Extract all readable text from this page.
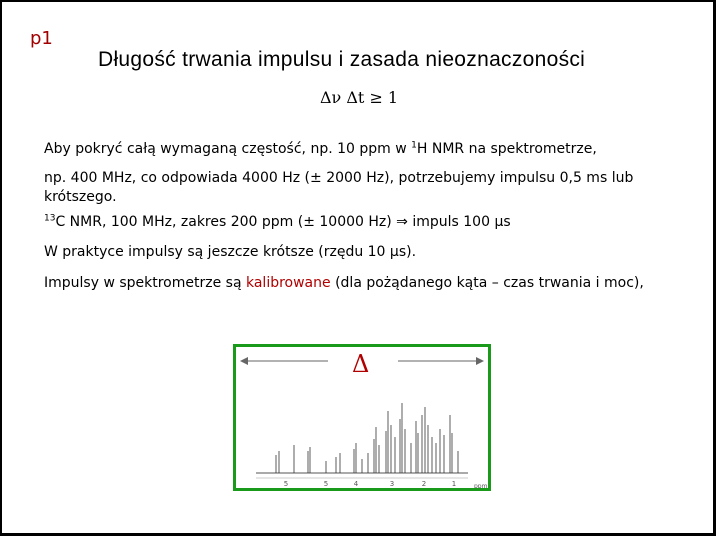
p1
Długość trwania impulsu i zasada nieoznaczoności
Δν Δt ≥ 1
Aby pokryć całą wymaganą częstość, np. 10 ppm w $^1$H NMR na spektrometrze,
np. 400 MHz, co odpowiada 4000 Hz (± 2000 Hz), potrzebujemy impulsu 0,5 ms lub krótszego.
$^{13}$C NMR, 100 MHz, zakres 200 ppm (± 10000 Hz) ⇒ impuls 100 μs
W praktyce impulsy są jeszcze krótsze (rzędu 10 μs).
Impulsy w spektrometrze są kalibrowane (dla pożądanego kąta – czas trwania i moc),
5	5	4	3	2	1	ppm
Δ
